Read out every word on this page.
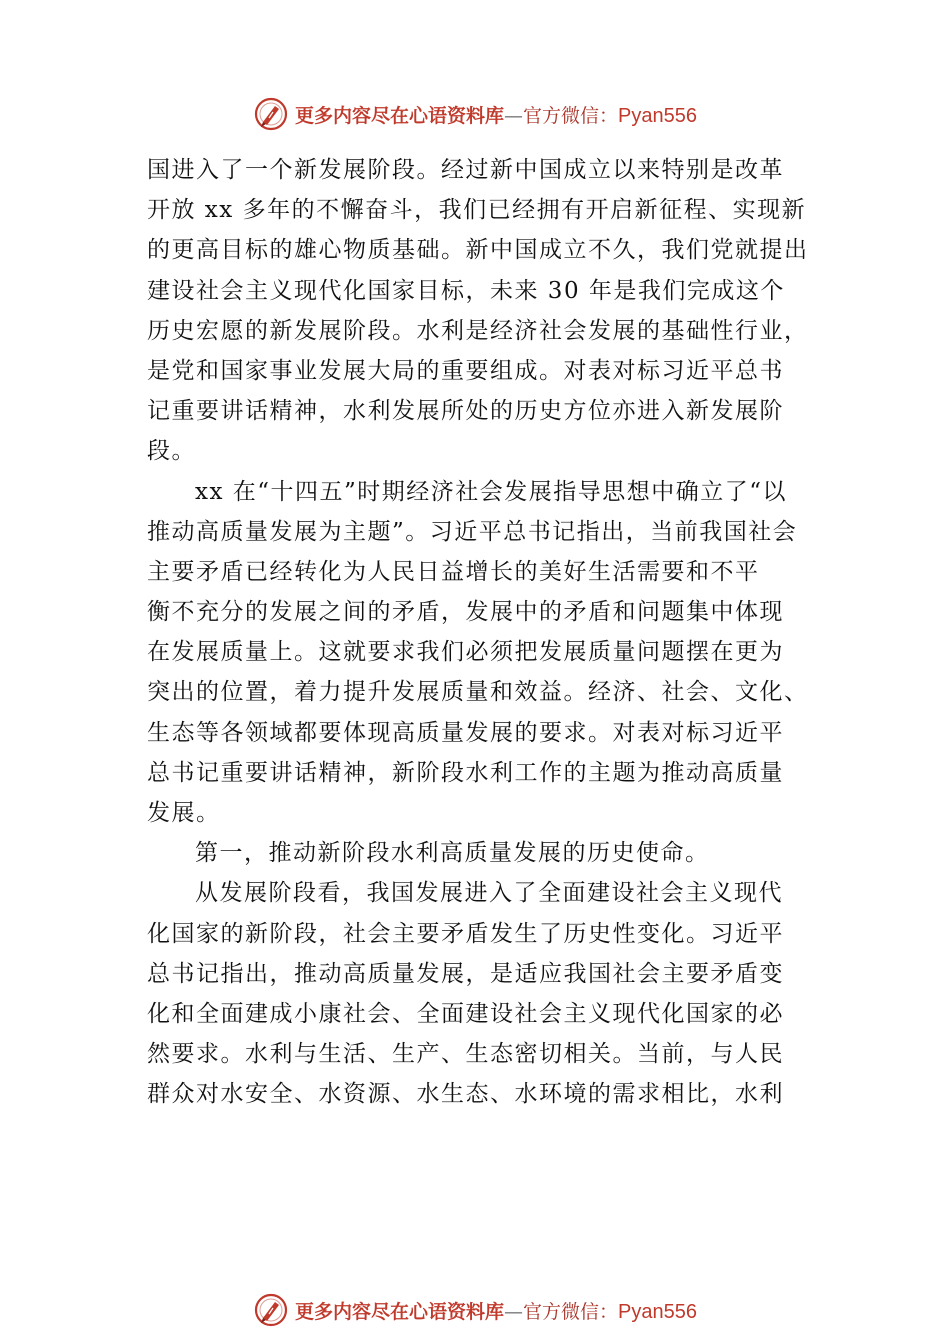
更多内容尽在心语资料库—官方微信：Pyan556
国进入了一个新发展阶段。经过新中国成立以来特别是改革
开放 xx 多年的不懈奋斗，我们已经拥有开启新征程、实现新
的更高目标的雄心物质基础。新中国成立不久，我们党就提出
建设社会主义现代化国家目标，未来 30 年是我们完成这个
历史宏愿的新发展阶段。水利是经济社会发展的基础性行业，
是党和国家事业发展大局的重要组成。对表对标习近平总书
记重要讲话精神，水利发展所处的历史方位亦进入新发展阶
段。
xx 在“十四五”时期经济社会发展指导思想中确立了“以
推动高质量发展为主题”。习近平总书记指出，当前我国社会
主要矛盾已经转化为人民日益增长的美好生活需要和不平
衡不充分的发展之间的矛盾，发展中的矛盾和问题集中体现
在发展质量上。这就要求我们必须把发展质量问题摆在更为
突出的位置，着力提升发展质量和效益。经济、社会、文化、
生态等各领域都要体现高质量发展的要求。对表对标习近平
总书记重要讲话精神，新阶段水利工作的主题为推动高质量
发展。
第一，推动新阶段水利高质量发展的历史使命。
从发展阶段看，我国发展进入了全面建设社会主义现代
化国家的新阶段，社会主要矛盾发生了历史性变化。习近平
总书记指出，推动高质量发展，是适应我国社会主要矛盾变
化和全面建成小康社会、全面建设社会主义现代化国家的必
然要求。水利与生活、生产、生态密切相关。当前，与人民
群众对水安全、水资源、水生态、水环境的需求相比，水利
更多内容尽在心语资料库—官方微信：Pyan556
